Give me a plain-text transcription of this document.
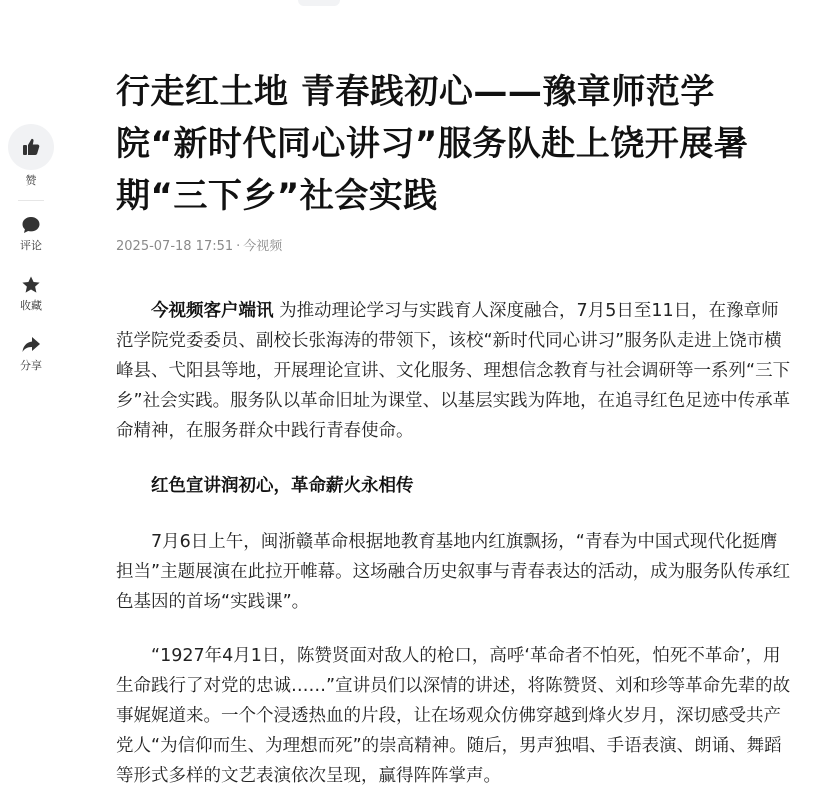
赞
评论
收藏
分享
行走红土地 青春践初心——豫章师范学院“新时代同心讲习”服务队赴上饶开展暑期“三下乡”社会实践
2025-07-18 17:51 · 今视频

今视频客户端讯 为推动理论学习与实践育人深度融合，7月5日至11日，在豫章师范学院党委委员、副校长张海涛的带领下，该校“新时代同心讲习”服务队走进上饶市横峰县、弋阳县等地，开展理论宣讲、文化服务、理想信念教育与社会调研等一系列“三下乡”社会实践。服务队以革命旧址为课堂、以基层实践为阵地，在追寻红色足迹中传承革命精神，在服务群众中践行青春使命。

红色宣讲润初心，革命薪火永相传

7月6日上午，闽浙赣革命根据地教育基地内红旗飘扬，“青春为中国式现代化挺膺担当”主题展演在此拉开帷幕。这场融合历史叙事与青春表达的活动，成为服务队传承红色基因的首场“实践课”。

“1927年4月1日，陈赞贤面对敌人的枪口，高呼‘革命者不怕死，怕死不革命’，用生命践行了对党的忠诚……”宣讲员们以深情的讲述，将陈赞贤、刘和珍等革命先辈的故事娓娓道来。一个个浸透热血的片段，让在场观众仿佛穿越到烽火岁月，深切感受共产党人“为信仰而生、为理想而死”的崇高精神。随后，男声独唱、手语表演、朗诵、舞蹈等形式多样的文艺表演依次呈现，赢得阵阵掌声。
